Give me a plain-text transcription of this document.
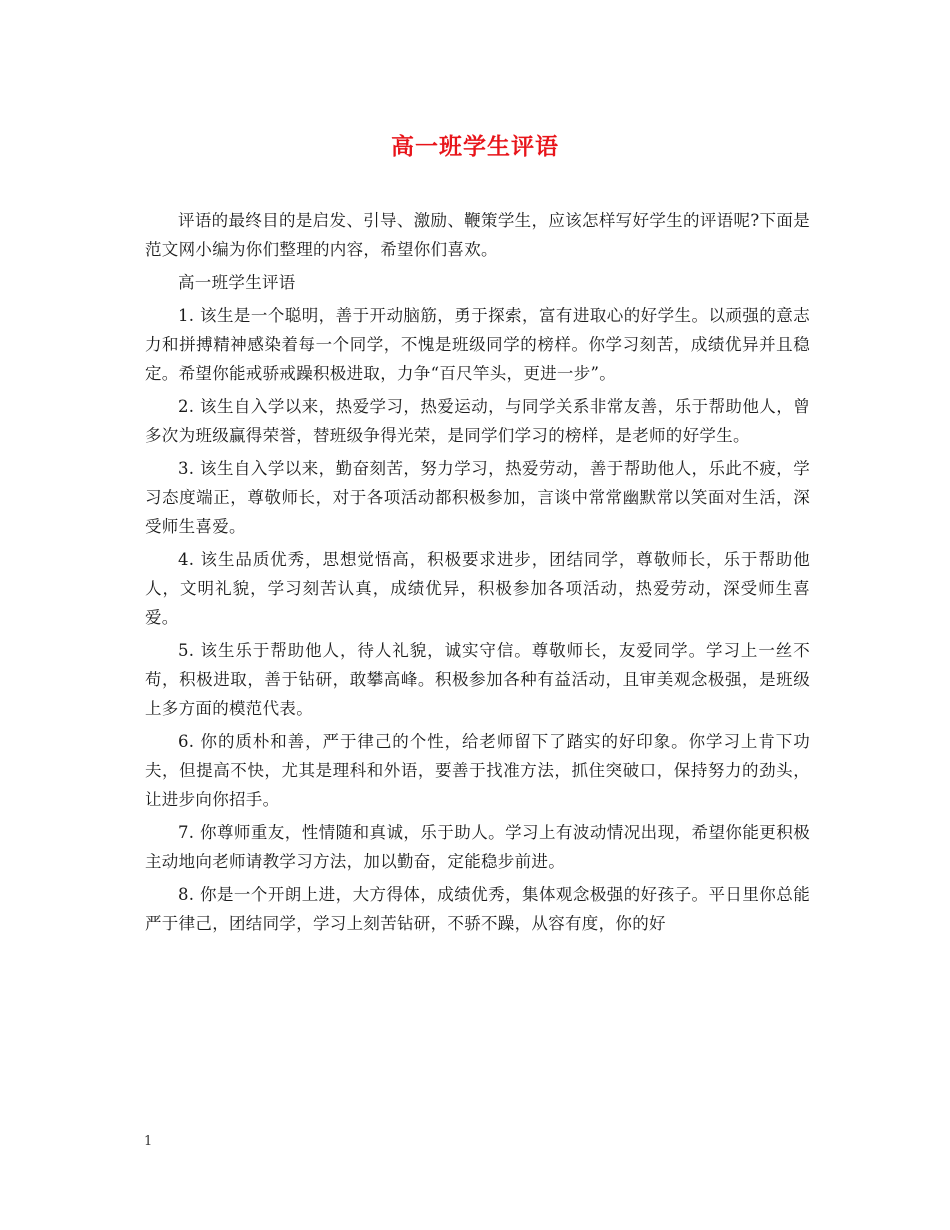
高一班学生评语

评语的最终目的是启发、引导、激励、鞭策学生，应该怎样写好学生的评语呢?下面是范文网小编为你们整理的内容，希望你们喜欢。

高一班学生评语

1. 该生是一个聪明，善于开动脑筋，勇于探索，富有进取心的好学生。以顽强的意志力和拼搏精神感染着每一个同学，不愧是班级同学的榜样。你学习刻苦，成绩优异并且稳定。希望你能戒骄戒躁积极进取，力争“百尺竿头，更进一步”。

2. 该生自入学以来，热爱学习，热爱运动，与同学关系非常友善，乐于帮助他人，曾多次为班级赢得荣誉，替班级争得光荣，是同学们学习的榜样，是老师的好学生。

3. 该生自入学以来，勤奋刻苦，努力学习，热爱劳动，善于帮助他人，乐此不疲，学习态度端正，尊敬师长，对于各项活动都积极参加，言谈中常常幽默常以笑面对生活，深受师生喜爱。

4. 该生品质优秀，思想觉悟高，积极要求进步，团结同学，尊敬师长，乐于帮助他人，文明礼貌，学习刻苦认真，成绩优异，积极参加各项活动，热爱劳动，深受师生喜爱。

5. 该生乐于帮助他人，待人礼貌，诚实守信。尊敬师长，友爱同学。学习上一丝不苟，积极进取，善于钻研，敢攀高峰。积极参加各种有益活动，且审美观念极强，是班级上多方面的模范代表。

6. 你的质朴和善，严于律己的个性，给老师留下了踏实的好印象。你学习上肯下功夫，但提高不快，尤其是理科和外语，要善于找准方法，抓住突破口，保持努力的劲头，让进步向你招手。

7. 你尊师重友，性情随和真诚，乐于助人。学习上有波动情况出现，希望你能更积极主动地向老师请教学习方法，加以勤奋，定能稳步前进。

8. 你是一个开朗上进，大方得体，成绩优秀，集体观念极强的好孩子。平日里你总能严于律己，团结同学，学习上刻苦钻研，不骄不躁，从容有度，你的好

1
